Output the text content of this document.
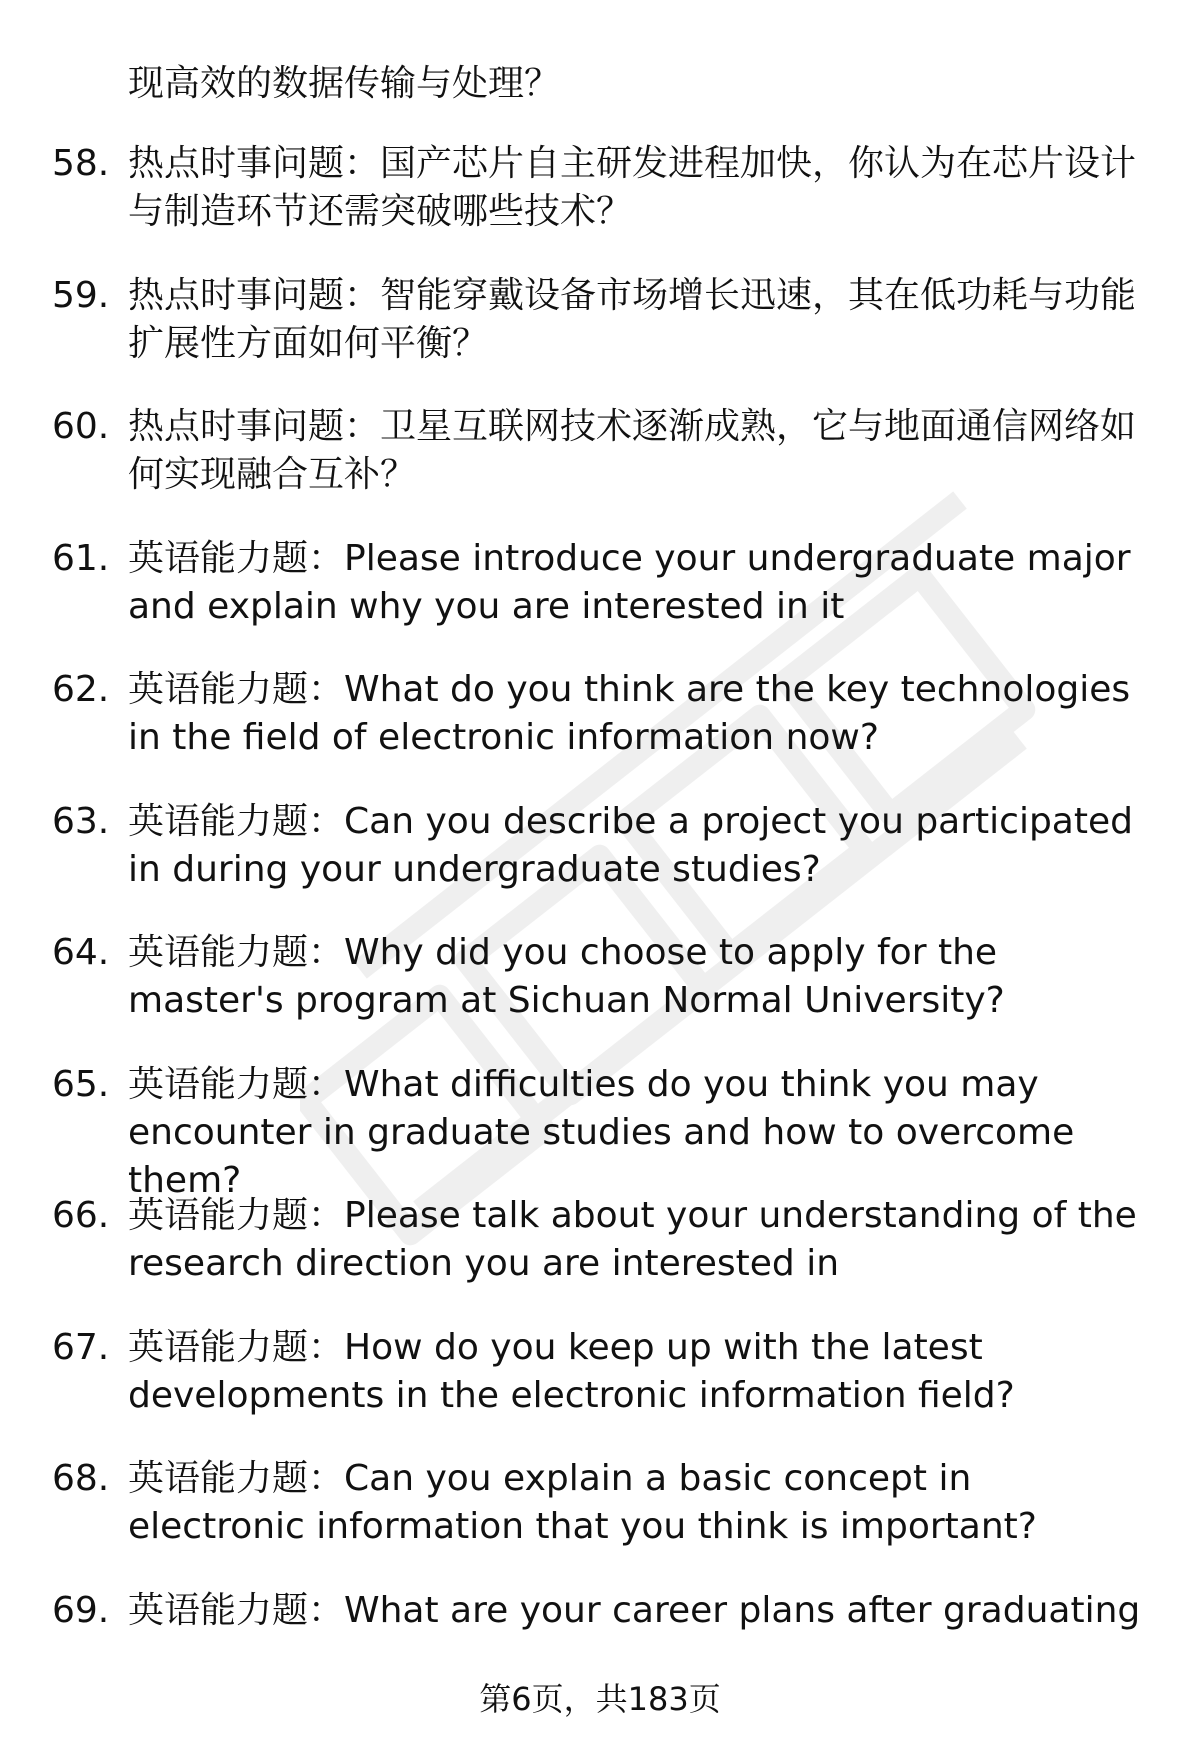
现高效的数据传输与处理？
58. 热点时事问题：国产芯片自主研发进程加快，你认为在芯片设计与制造环节还需突破哪些技术？
59. 热点时事问题：智能穿戴设备市场增长迅速，其在低功耗与功能扩展性方面如何平衡？
60. 热点时事问题：卫星互联网技术逐渐成熟，它与地面通信网络如何实现融合互补？
61. 英语能力题：Please introduce your undergraduate major and explain why you are interested in it
62. 英语能力题：What do you think are the key technologies in the field of electronic information now?
63. 英语能力题：Can you describe a project you participated in during your undergraduate studies?
64. 英语能力题：Why did you choose to apply for the master's program at Sichuan Normal University?
65. 英语能力题：What difficulties do you think you may encounter in graduate studies and how to overcome them?
66. 英语能力题：Please talk about your understanding of the research direction you are interested in
67. 英语能力题：How do you keep up with the latest developments in the electronic information field?
68. 英语能力题：Can you explain a basic concept in electronic information that you think is important?
69. 英语能力题：What are your career plans after graduating
第6页，共183页
